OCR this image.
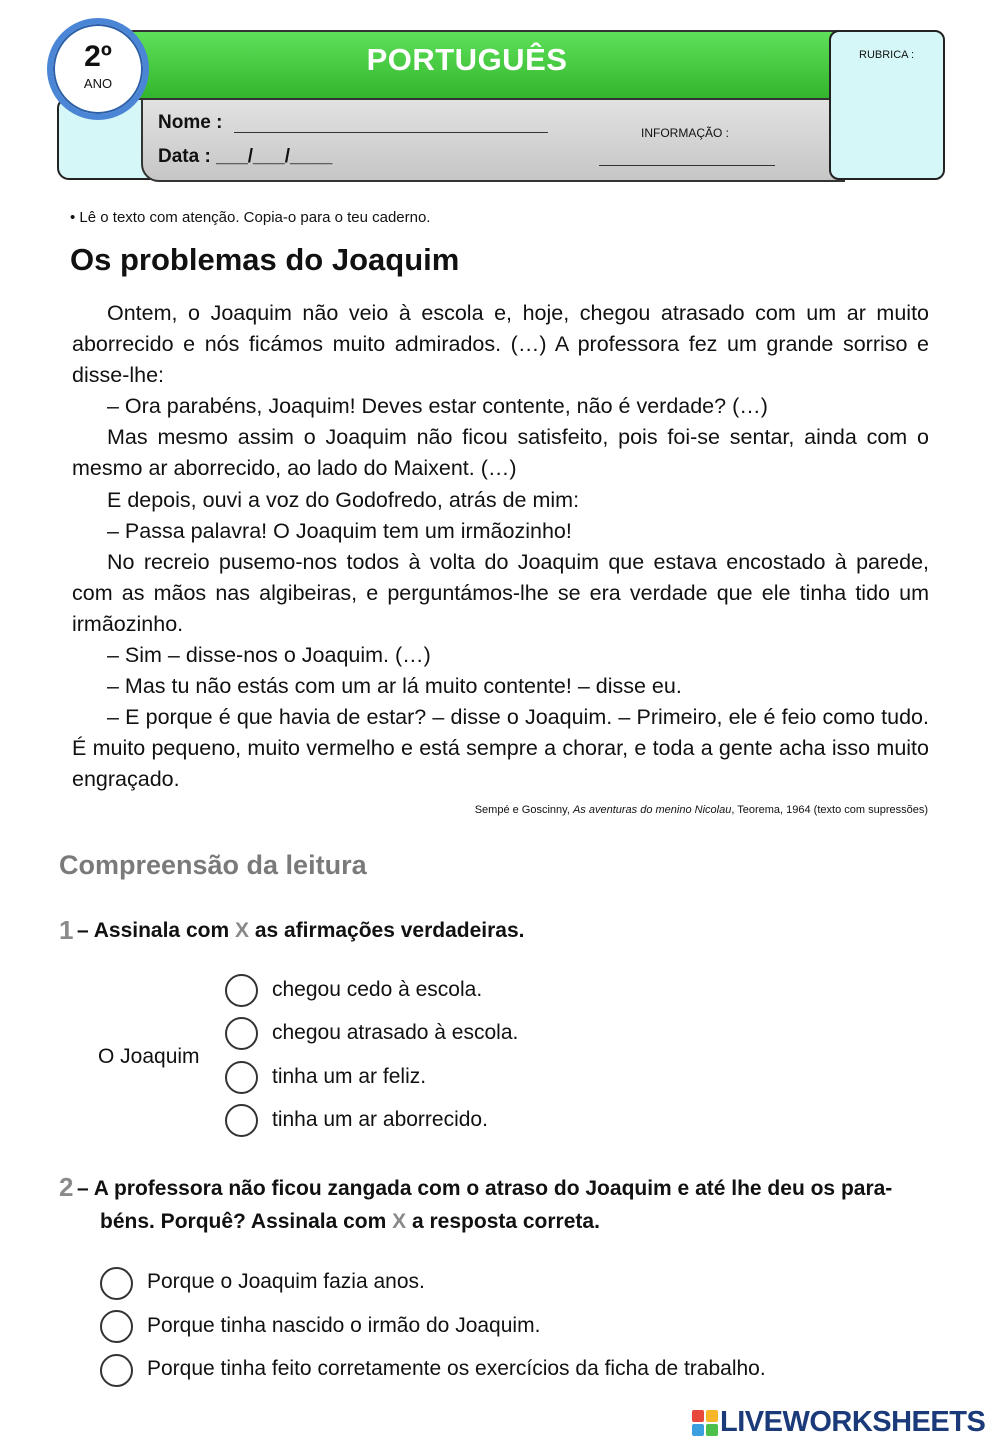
PORTUGUÊS	RUBRICA :
2º
ANO
Nome :
Data : ___/___/____
INFORMAÇÃO :
• Lê o texto com atenção. Copia-o para o teu caderno.
Os problemas do Joaquim

Ontem, o Joaquim não veio à escola e, hoje, chegou atrasado com um ar muito aborrecido e nós ficámos muito admirados. (…) A professora fez um grande sorriso e disse-lhe:

– Ora parabéns, Joaquim! Deves estar contente, não é verdade? (…)

Mas mesmo assim o Joaquim não ficou satisfeito, pois foi-se sentar, ainda com o mesmo ar aborrecido, ao lado do Maixent. (…)

E depois, ouvi a voz do Godofredo, atrás de mim:

– Passa palavra! O Joaquim tem um irmãozinho!

No recreio pusemo-nos todos à volta do Joaquim que estava encostado à parede, com as mãos nas algibeiras, e perguntámos-lhe se era verdade que ele tinha tido um irmãozinho.

– Sim – disse-nos o Joaquim. (…)

– Mas tu não estás com um ar lá muito contente! – disse eu.

– E porque é que havia de estar? – disse o Joaquim. – Primeiro, ele é feio como tudo. É muito pequeno, muito vermelho e está sempre a chorar, e toda a gente acha isso muito engraçado.

Sempé e Goscinny, As aventuras do menino Nicolau, Teorema, 1964 (texto com supressões)
Compreensão da leitura
1 – Assinala com X as afirmações verdadeiras.
O Joaquim
chegou cedo à escola.
chegou atrasado à escola.
tinha um ar feliz.
tinha um ar aborrecido.
2 – A professora não ficou zangada com o atraso do Joaquim e até lhe deu os para-
béns. Porquê? Assinala com X a resposta correta.
Porque o Joaquim fazia anos.
Porque tinha nascido o irmão do Joaquim.
Porque tinha feito corretamente os exercícios da ficha de trabalho.
LIVEWORKSHEETS
